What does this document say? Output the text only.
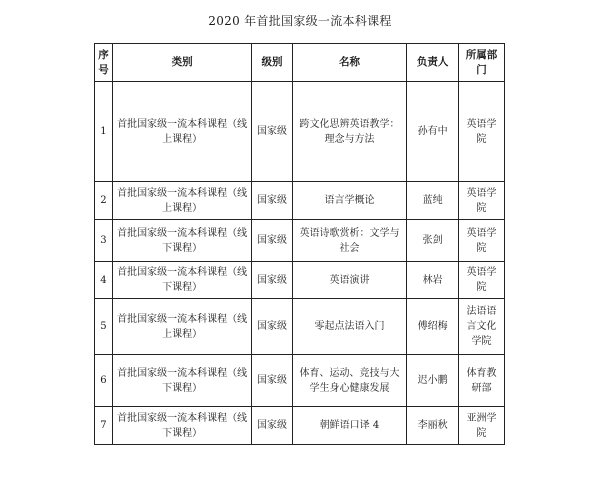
2020 年首批国家级一流本科课程
序号	类别	级别	名称	负责人	所属部门
1	首批国家级一流本科课程（线上课程）	国家级	跨文化思辨英语教学：理念与方法	孙有中	英语学院
2	首批国家级一流本科课程（线上课程）	国家级	语言学概论	蓝纯	英语学院
3	首批国家级一流本科课程（线下课程）	国家级	英语诗歌赏析：文学与社会	张剑	英语学院
4	首批国家级一流本科课程（线下课程）	国家级	英语演讲	林岩	英语学院
5	首批国家级一流本科课程（线上课程）	国家级	零起点法语入门	傅绍梅	法语语言文化学院
6	首批国家级一流本科课程（线下课程）	国家级	体育、运动、竞技与大学生身心健康发展	迟小鹏	体育教研部
7	首批国家级一流本科课程（线下课程）	国家级	朝鲜语口译 4	李丽秋	亚洲学院
